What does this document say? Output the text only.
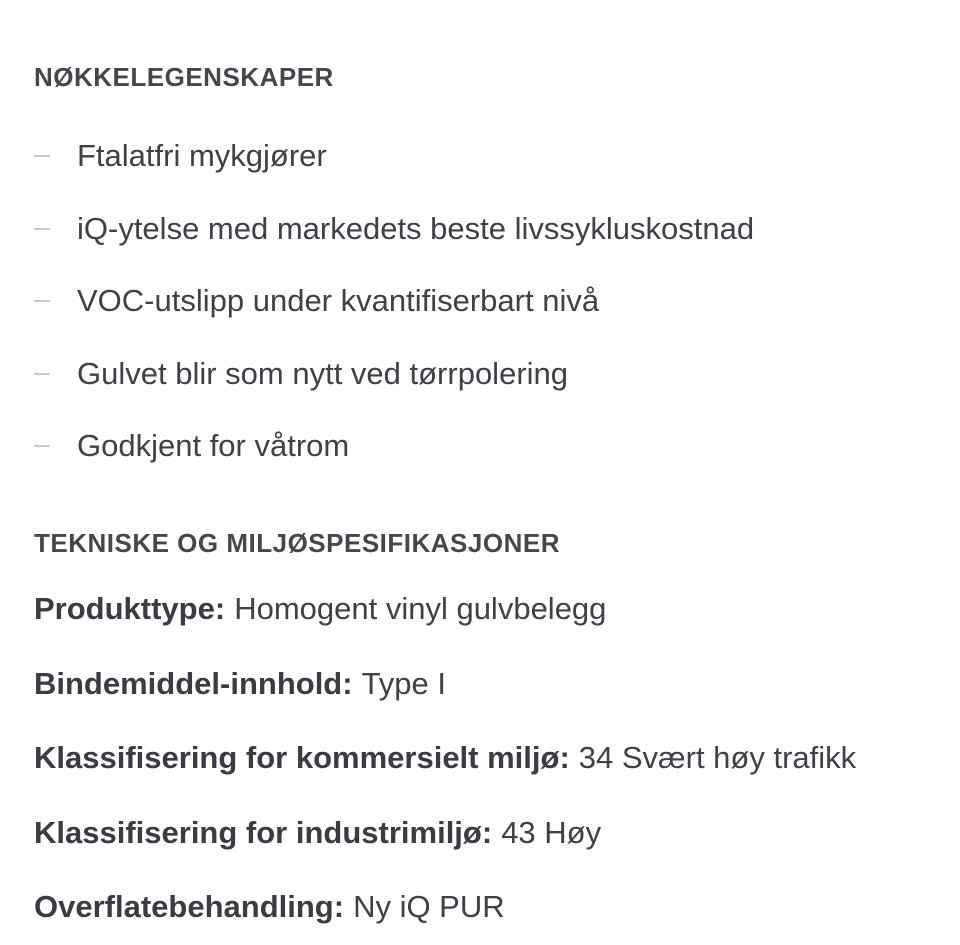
NØKKELEGENSKAPER
Ftalatfri mykgjører
iQ-ytelse med markedets beste livssykluskostnad
VOC-utslipp under kvantifiserbart nivå
Gulvet blir som nytt ved tørrpolering
Godkjent for våtrom
TEKNISKE OG MILJØSPESIFIKASJONER
Produkttype : Homogent vinyl gulvbelegg
Bindemiddel-innhold : Type I
Klassifisering for kommersielt miljø : 34 Svært høy trafikk
Klassifisering for industrimiljø : 43 Høy
Overflatebehandling : Ny iQ PUR
